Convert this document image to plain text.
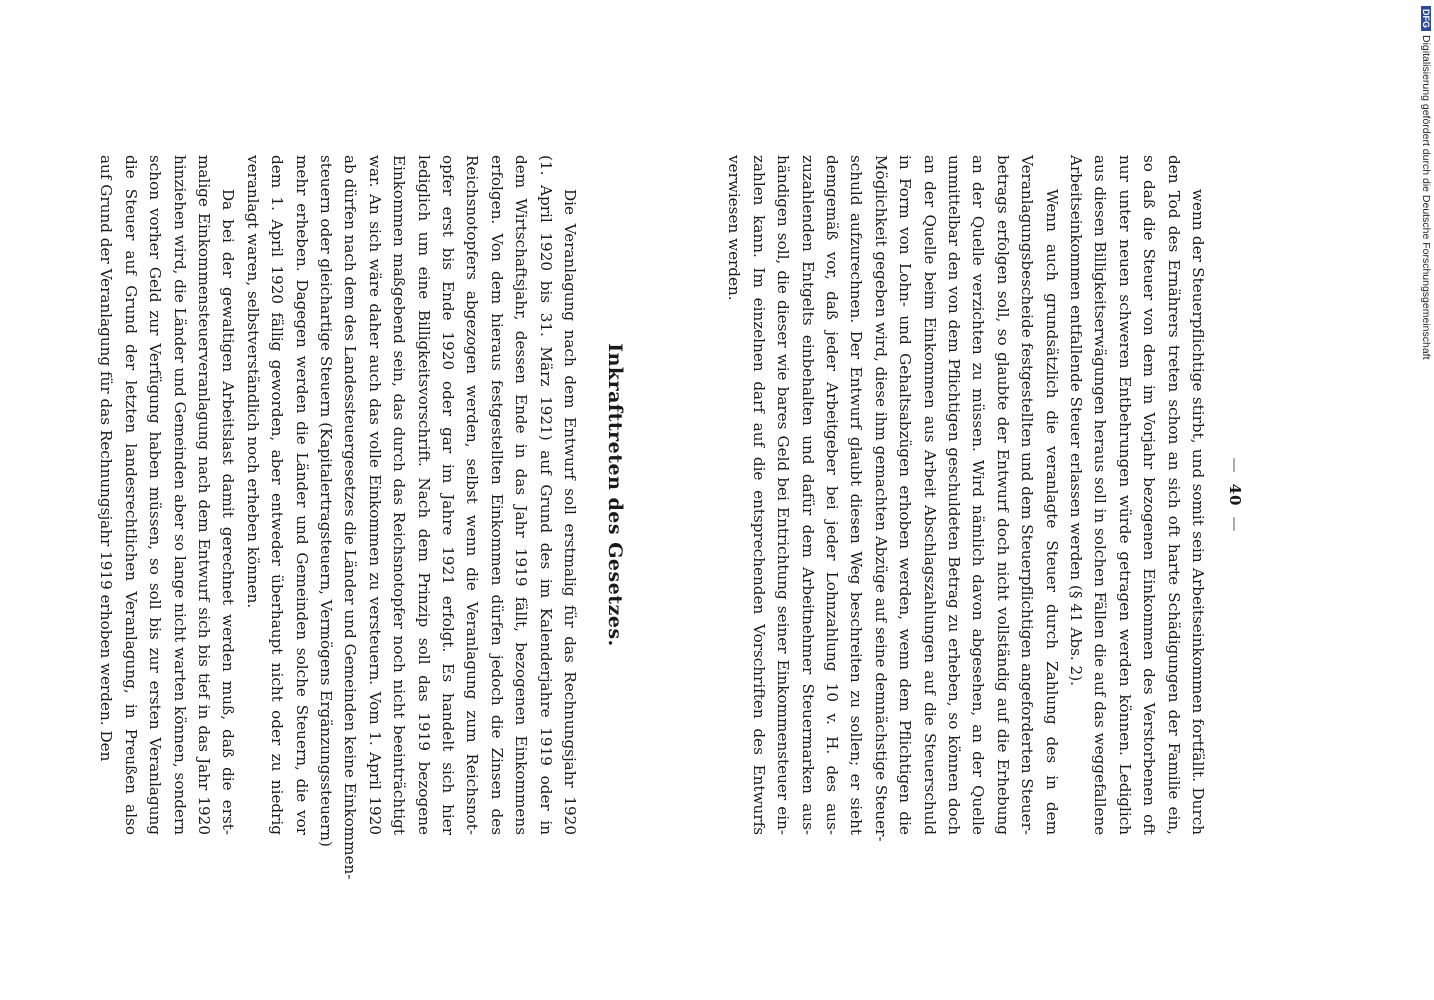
—40—
wenn der Steuerpflichtige stirbt, und somit sein Arbeitseinkommen fortfällt. Durch
den Tod des Ernährers treten schon an sich oft harte Schädigungen der Familie ein,
so daß die Steuer von dem im Vorjahr bezogenen Einkommen des Verstorbenen oft
nur unter neuen schweren Entbehrungen würde getragen werden können. Lediglich
aus diesen Billigkeitserwägungen heraus soll in solchen Fällen die auf das weggefallene
Arbeitseinkommen entfallende Steuer erlassen werden (§ 41 Abs. 2).
Wenn auch grundsätzlich die veranlagte Steuer durch Zahlung des in dem
Veranlagungsbescheide festgestellten und dem Steuerpflichtigen angeforderten Steuer-
betrags erfolgen soll, so glaubte der Entwurf doch nicht vollständig auf die Erhebung
an der Quelle verzichten zu müssen. Wird nämlich davon abgesehen, an der Quelle
unmittelbar den von dem Pflichtigen geschuldeten Betrag zu erheben, so können doch
an der Quelle beim Einkommen aus Arbeit Abschlagszahlungen auf die Steuerschuld
in Form von Lohn- und Gehaltsabzügen erhoben werden, wenn dem Pflichtigen die
Möglichkeit gegeben wird, diese ihm gemachten Abzüge auf seine demnächstige Steuer-
schuld aufzurechnen. Der Entwurf glaubt diesen Weg beschreiten zu sollen; er sieht
demgemäß vor, daß jeder Arbeitgeber bei jeder Lohnzahlung 10 v. H. des aus-
zuzahlenden Entgelts einbehalten und dafür dem Arbeitnehmer Steuermarken aus-
händigen soll, die dieser wie bares Geld bei Entrichtung seiner Einkommensteuer ein-
zahlen kann. Im einzelnen darf auf die entsprechenden Vorschriften des Entwurfs
verwiesen werden.
Inkrafttreten des Gesetzes.
Die Veranlagung nach dem Entwurf soll erstmalig für das Rechnungsjahr 1920
(1. April 1920 bis 31. März 1921) auf Grund des im Kalenderjahre 1919 oder in
dem Wirtschaftsjahr, dessen Ende in das Jahr 1919 fällt, bezogenen Einkommens
erfolgen. Von dem hieraus festgestellten Einkommen dürfen jedoch die Zinsen des
Reichsnotopfers abgezogen werden, selbst wenn die Veranlagung zum Reichsnot-
opfer erst bis Ende 1920 oder gar im Jahre 1921 erfolgt. Es handelt sich hier
lediglich um eine Billigkeitsvorschrift. Nach dem Prinzip soll das 1919 bezogene
Einkommen maßgebend sein, das durch das Reichsnotopfer noch nicht beeinträchtigt
war. An sich wäre daher auch das volle Einkommen zu versteuern. Vom 1. April 1920
ab dürfen nach dem des Landessteuergesetzes die Länder und Gemeinden keine Einkommen-
steuern oder gleichartige Steuern (Kapitalertragsteuern, Vermögens Ergänzungssteuern)
mehr erheben. Dagegen werden die Länder und Gemeinden solche Steuern, die vor
dem 1. April 1920 fällig geworden, aber entweder überhaupt nicht oder zu niedrig
veranlagt waren, selbstverständlich noch erheben können.
Da bei der gewaltigen Arbeitslast damit gerechnet werden muß, daß die erst-
malige Einkommensteuerveranlagung nach dem Entwurf sich bis tief in das Jahr 1920
hinziehen wird, die Länder und Gemeinden aber so lange nicht warten können, sondern
schon vorher Geld zur Verfügung haben müssen, so soll bis zur ersten Veranlagung
die Steuer auf Grund der letzten landesrechtlichen Veranlagung, in Preußen also
auf Grund der Veranlagung für das Rechnungsjahr 1919 erhoben werden. Den
DFGDigitalisierung gefördert durch die Deutsche Forschungsgemeinschaft
